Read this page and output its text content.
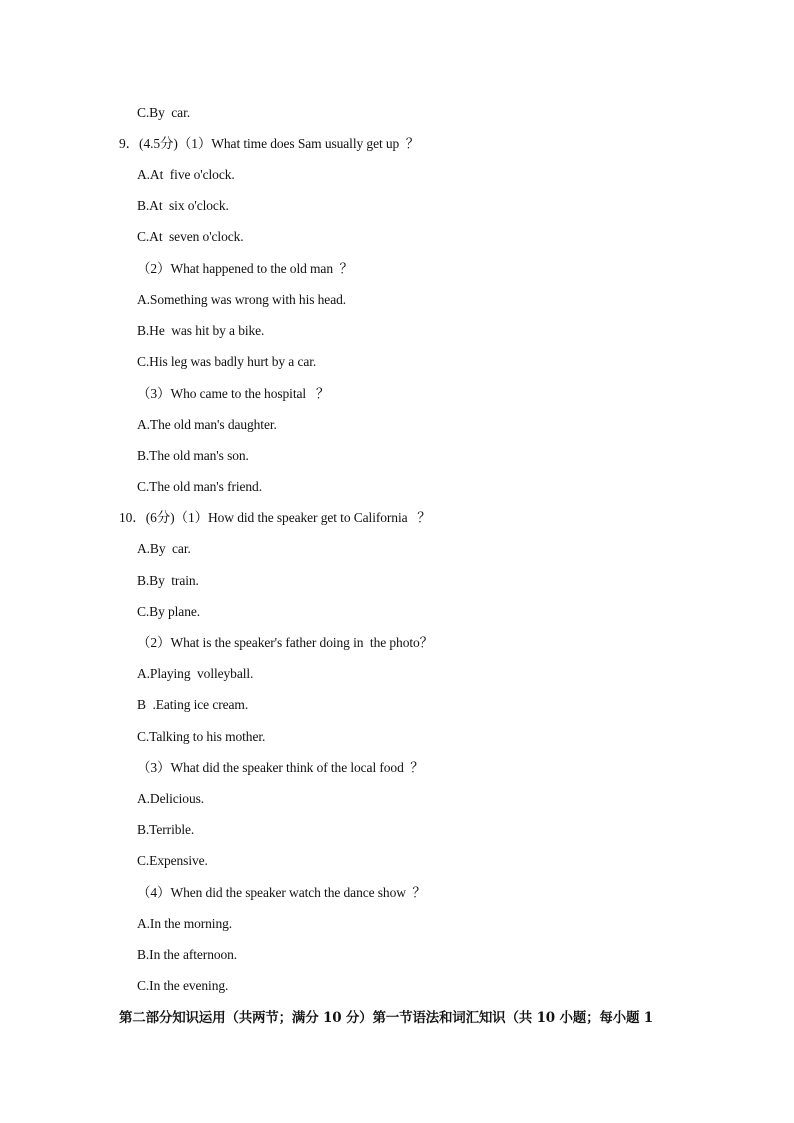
C.By  car.
9．(4.5分)（1）What time does Sam usually get up  ？
A.At  five o'clock.
B.At  six o'clock.
C.At  seven o'clock.
（2）What happened to the old man  ？
A.Something was wrong with his head.
B.He  was hit by a bike.
C.His leg was badly hurt by a car.
（3）Who came to the hospital   ？
A.The old man's daughter.
B.The old man's son.
C.The old man's friend.
10．(6分)（1）How did the speaker get to California   ？
A.By  car.
B.By  train.
C.By plane.
（2）What is the speaker's father doing in  the photo？
A.Playing  volleyball.
B  .Eating ice cream.
C.Talking to his mother.
（3）What did the speaker think of the local food  ？
A.Delicious.
B.Terrible.
C.Expensive.
（4）When did the speaker watch the dance show  ？
A.In the morning.
B.In the afternoon.
C.In the evening.
第二部分知识运用（共两节；满分 10 分）第一节语法和词汇知识（共 10 小题；每小题 1
